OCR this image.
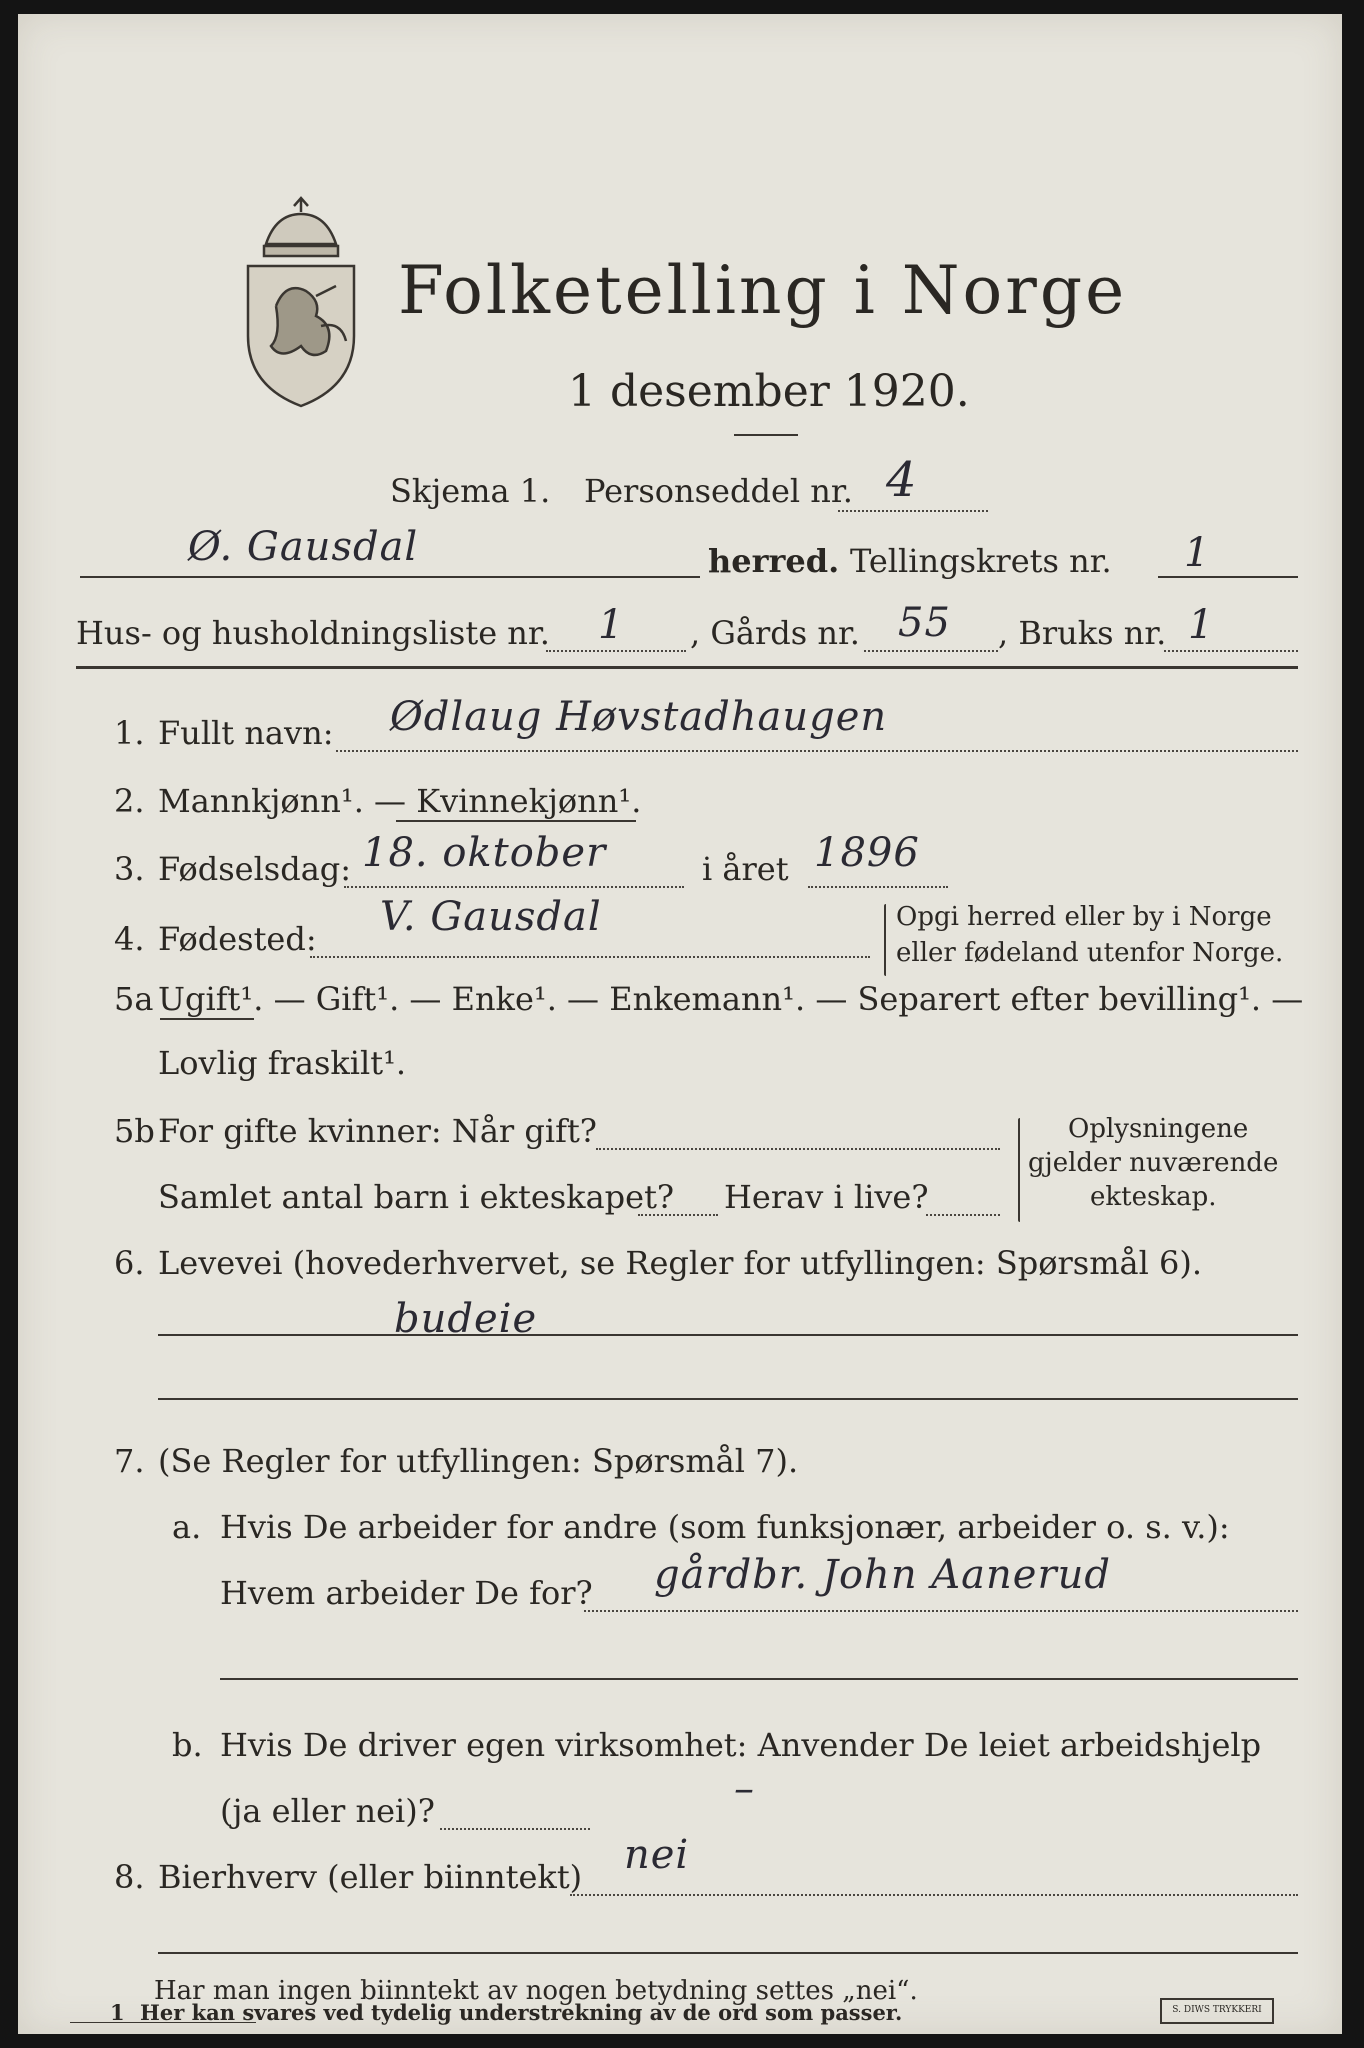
Folketelling i Norge
1 desember 1920.
Skjema 1. Personseddel nr. 4
Ø. Gausdal	herred. Tellingskrets nr. 1
Hus- og husholdningsliste nr. 1 , Gårds nr. 55 , Bruks nr. 1
1. Fullt navn: Ødlaug Høvstadhaugen
2. Mannkjønn¹. — Kvinnekjønn¹.
3. Fødselsdag: 18. oktober	i året 1896
4. Fødested: V. Gausdal	Opgi herred eller by i Norge
eller fødeland utenfor Norge.
5a Ugift¹. — Gift¹. — Enke¹. — Enkemann¹. — Separert efter bevilling¹. —
Lovlig fraskilt¹.
5b For gifte kvinner: Når gift?
Samlet antal barn i ekteskapet? Herav i live?
Oplysningene
gjelder nuværende
ekteskap.
6. Levevei (hovederhvervet, se Regler for utfyllingen: Spørsmål 6).
budeie
7. (Se Regler for utfyllingen: Spørsmål 7).
a. Hvis De arbeider for andre (som funksjonær, arbeider o. s. v.):
Hvem arbeider De for? gårdbr. John Aanerud
b. Hvis De driver egen virksomhet: Anvender De leiet arbeidshjelp
(ja eller nei)?	–
8. Bierhverv (eller biinntekt) nei
Har man ingen biinntekt av nogen betydning settes „nei“.
1 Her kan svares ved tydelig understrekning av de ord som passer.	S. DIWS TRYKKERI
